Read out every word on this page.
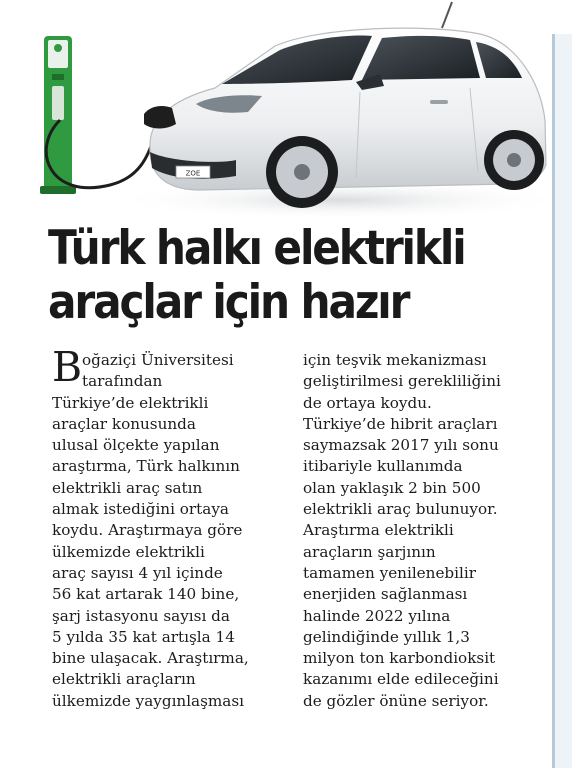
ZOE
Türk halkı elektrikli
araçlar için hazır
B oğaziçi Üniversitesi
tarafından
Türkiye’de elektrikli
araçlar konusunda
ulusal ölçekte yapılan
araştırma, Türk halkının
elektrikli araç satın
almak istediğini ortaya
koydu. Araştırmaya göre
ülkemizde elektrikli
araç sayısı 4 yıl içinde
56 kat artarak 140 bine,
şarj istasyonu sayısı da
5 yılda 35 kat artışla 14
bine ulaşacak. Araştırma,
elektrikli araçların
ülkemizde yaygınlaşması
için teşvik mekanizması
geliştirilmesi gerekliliğini
de ortaya koydu.
Türkiye’de hibrit araçları
saymazsak 2017 yılı sonu
itibariyle kullanımda
olan yaklaşık 2 bin 500
elektrikli araç bulunuyor.
Araştırma elektrikli
araçların şarjının
tamamen yenilenebilir
enerjiden sağlanması
halinde 2022 yılına
gelindiğinde yıllık 1,3
milyon ton karbondioksit
kazanımı elde edileceğini
de gözler önüne seriyor.
